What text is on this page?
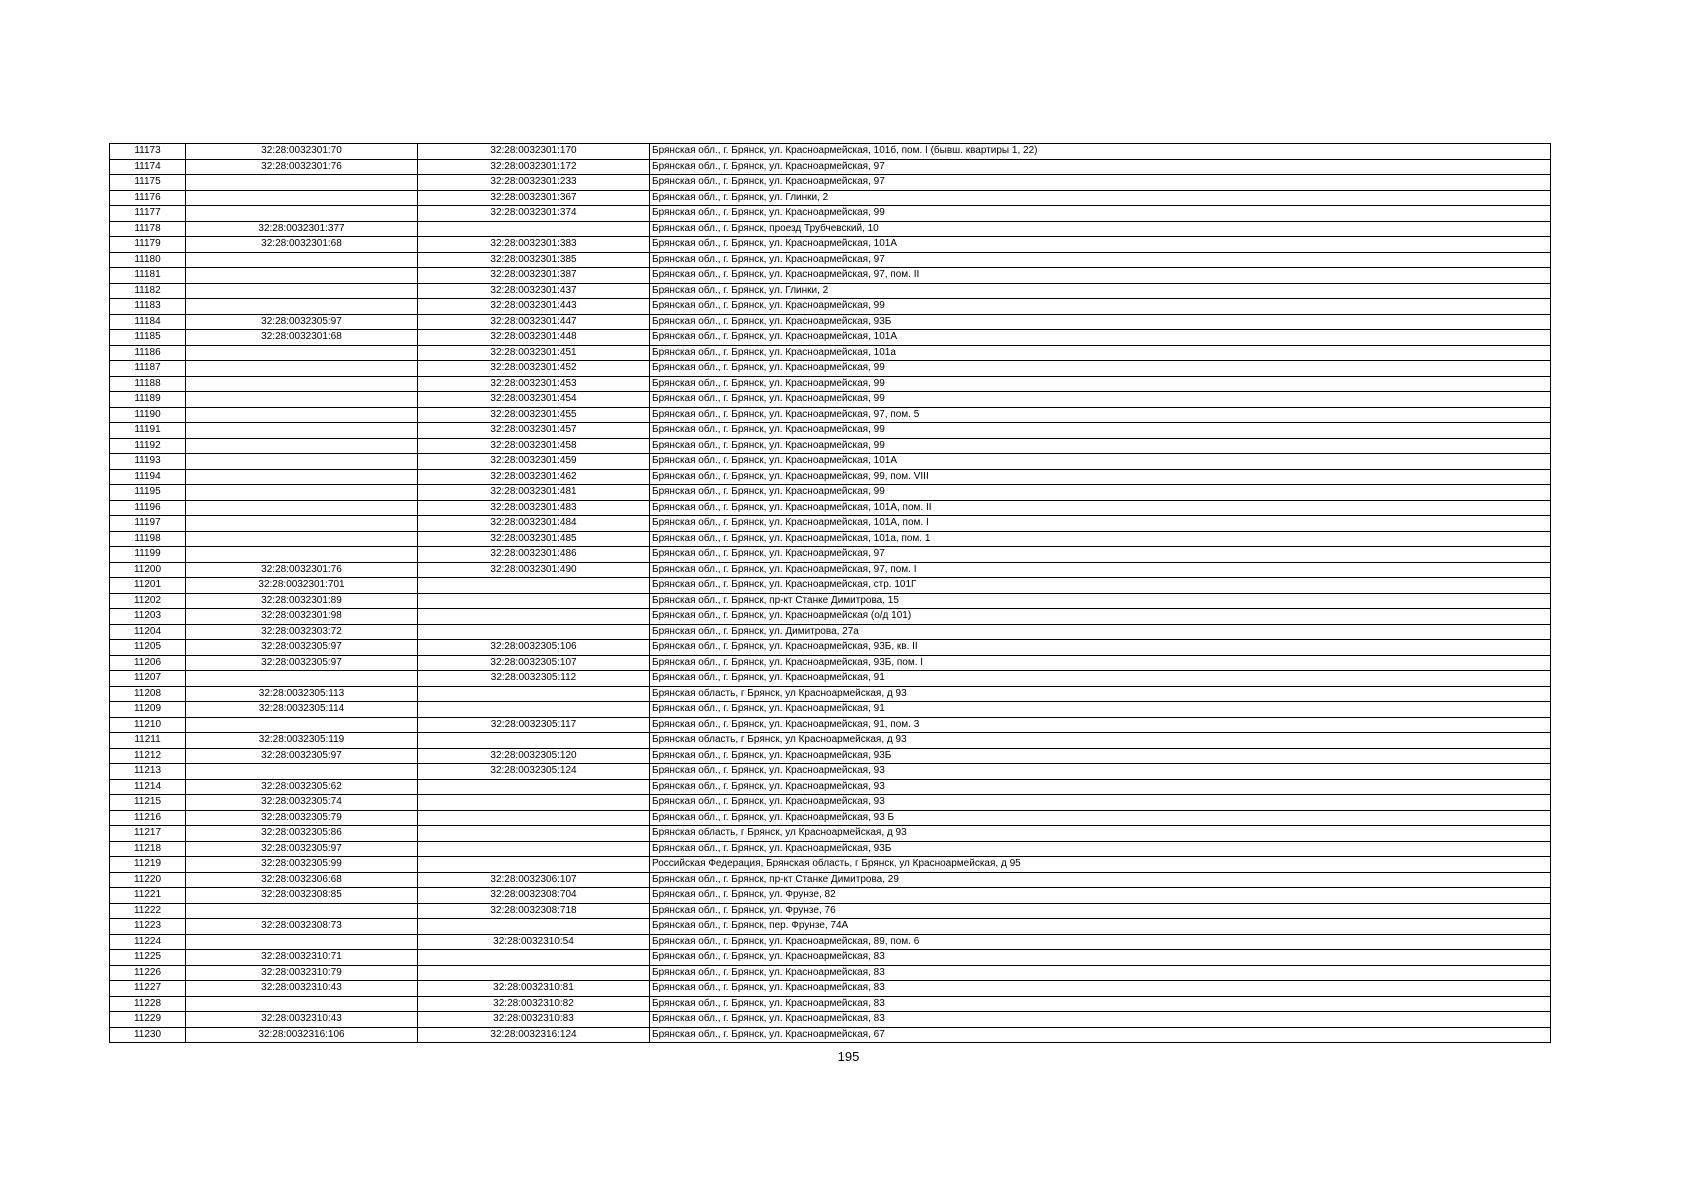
11173	32:28:0032301:70	32:28:0032301:170	Брянская обл., г. Брянск, ул. Красноармейская, 101б, пом. I (бывш. квартиры 1, 22)
11174	32:28:0032301:76	32:28:0032301:172	Брянская обл., г. Брянск, ул. Красноармейская, 97
11175		32:28:0032301:233	Брянская обл., г. Брянск, ул. Красноармейская, 97
11176		32:28:0032301:367	Брянская обл., г. Брянск, ул. Глинки, 2
11177		32:28:0032301:374	Брянская обл., г. Брянск, ул. Красноармейская, 99
11178	32:28:0032301:377		Брянская обл., г. Брянск, проезд Трубчевский, 10
11179	32:28:0032301:68	32:28:0032301:383	Брянская обл., г. Брянск, ул. Красноармейская, 101А
11180		32:28:0032301:385	Брянская обл., г. Брянск, ул. Красноармейская, 97
11181		32:28:0032301:387	Брянская обл., г. Брянск, ул. Красноармейская, 97, пом. II
11182		32:28:0032301:437	Брянская обл., г. Брянск, ул. Глинки, 2
11183		32:28:0032301:443	Брянская обл., г. Брянск, ул. Красноармейская, 99
11184	32:28:0032305:97	32:28:0032301:447	Брянская обл., г. Брянск, ул. Красноармейская, 93Б
11185	32:28:0032301:68	32:28:0032301:448	Брянская обл., г. Брянск, ул. Красноармейская, 101А
11186		32:28:0032301:451	Брянская обл., г. Брянск, ул. Красноармейская, 101а
11187		32:28:0032301:452	Брянская обл., г. Брянск, ул. Красноармейская, 99
11188		32:28:0032301:453	Брянская обл., г. Брянск, ул. Красноармейская, 99
11189		32:28:0032301:454	Брянская обл., г. Брянск, ул. Красноармейская, 99
11190		32:28:0032301:455	Брянская обл., г. Брянск, ул. Красноармейская, 97, пом. 5
11191		32:28:0032301:457	Брянская обл., г. Брянск, ул. Красноармейская, 99
11192		32:28:0032301:458	Брянская обл., г. Брянск, ул. Красноармейская, 99
11193		32:28:0032301:459	Брянская обл., г. Брянск, ул. Красноармейская, 101А
11194		32:28:0032301:462	Брянская обл., г. Брянск, ул. Красноармейская, 99, пом. VIII
11195		32:28:0032301:481	Брянская обл., г. Брянск, ул. Красноармейская, 99
11196		32:28:0032301:483	Брянская обл., г. Брянск, ул. Красноармейская, 101А, пом. II
11197		32:28:0032301:484	Брянская обл., г. Брянск, ул. Красноармейская, 101А, пом. I
11198		32:28:0032301:485	Брянская обл., г. Брянск, ул. Красноармейская, 101а, пом. 1
11199		32:28:0032301:486	Брянская обл., г. Брянск, ул. Красноармейская, 97
11200	32:28:0032301:76	32:28:0032301:490	Брянская обл., г. Брянск, ул. Красноармейская, 97, пом. I
11201	32:28:0032301:701		Брянская обл., г. Брянск, ул. Красноармейская, стр. 101Г
11202	32:28:0032301:89		Брянская обл., г. Брянск, пр-кт Станке Димитрова, 15
11203	32:28:0032301:98		Брянская обл., г. Брянск, ул. Красноармейская (о/д 101)
11204	32:28:0032303:72		Брянская обл., г. Брянск, ул. Димитрова, 27а
11205	32:28:0032305:97	32:28:0032305:106	Брянская обл., г. Брянск, ул. Красноармейская, 93Б, кв. II
11206	32:28:0032305:97	32:28:0032305:107	Брянская обл., г. Брянск, ул. Красноармейская, 93Б, пом. I
11207		32:28:0032305:112	Брянская обл., г. Брянск, ул. Красноармейская, 91
11208	32:28:0032305:113		Брянская область, г Брянск, ул Красноармейская, д 93
11209	32:28:0032305:114		Брянская обл., г. Брянск, ул. Красноармейская, 91
11210		32:28:0032305:117	Брянская обл., г. Брянск, ул. Красноармейская, 91, пом. 3
11211	32:28:0032305:119		Брянская область, г Брянск, ул Красноармейская, д 93
11212	32:28:0032305:97	32:28:0032305:120	Брянская обл., г. Брянск, ул. Красноармейская, 93Б
11213		32:28:0032305:124	Брянская обл., г. Брянск, ул. Красноармейская, 93
11214	32:28:0032305:62		Брянская обл., г. Брянск, ул. Красноармейская, 93
11215	32:28:0032305:74		Брянская обл., г. Брянск, ул. Красноармейская, 93
11216	32:28:0032305:79		Брянская обл., г. Брянск, ул. Красноармейская, 93 Б
11217	32:28:0032305:86		Брянская область, г Брянск, ул Красноармейская, д 93
11218	32:28:0032305:97		Брянская обл., г. Брянск, ул. Красноармейская, 93Б
11219	32:28:0032305:99		Российская Федерация, Брянская область, г Брянск, ул Красноармейская, д 95
11220	32:28:0032306:68	32:28:0032306:107	Брянская обл., г. Брянск, пр-кт Станке Димитрова, 29
11221	32:28:0032308:85	32:28:0032308:704	Брянская обл., г. Брянск, ул. Фрунзе, 82
11222		32:28:0032308:718	Брянская обл., г. Брянск, ул. Фрунзе, 76
11223	32:28:0032308:73		Брянская обл., г. Брянск, пер. Фрунзе, 74А
11224		32:28:0032310:54	Брянская обл., г. Брянск, ул. Красноармейская, 89, пом. 6
11225	32:28:0032310:71		Брянская обл., г. Брянск, ул. Красноармейская, 83
11226	32:28:0032310:79		Брянская обл., г. Брянск, ул. Красноармейская, 83
11227	32:28:0032310:43	32:28:0032310:81	Брянская обл., г. Брянск, ул. Красноармейская, 83
11228		32:28:0032310:82	Брянская обл., г. Брянск, ул. Красноармейская, 83
11229	32:28:0032310:43	32:28:0032310:83	Брянская обл., г. Брянск, ул. Красноармейская, 83
11230	32:28:0032316:106	32:28:0032316:124	Брянская обл., г. Брянск, ул. Красноармейская, 67
195
